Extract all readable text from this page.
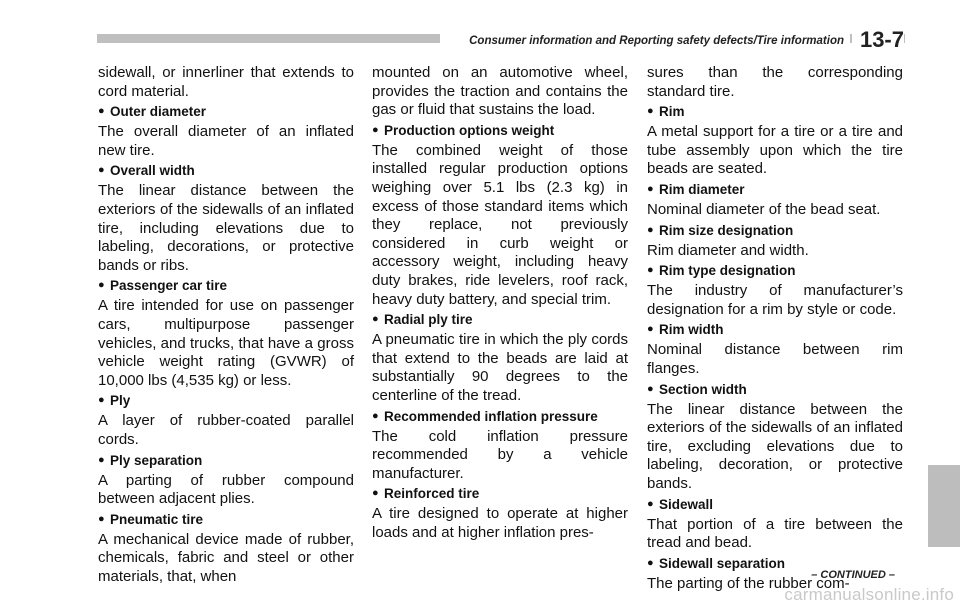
Consumer information and Reporting safety defects/Tire information 13-7
sidewall, or innerliner that extends to cord material.
● Outer diameter
The overall diameter of an inflated new tire.
● Overall width
The linear distance between the exteriors of the sidewalls of an inflated tire, including elevations due to labeling, decorations, or protective bands or ribs.
● Passenger car tire
A tire intended for use on passenger cars, multipurpose passenger vehicles, and trucks, that have a gross vehicle weight rating (GVWR) of 10,000 lbs (4,535 kg) or less.
● Ply
A layer of rubber-coated parallel cords.
● Ply separation
A parting of rubber compound between adjacent plies.
● Pneumatic tire
A mechanical device made of rubber, chemicals, fabric and steel or other materials, that, when
mounted on an automotive wheel, provides the traction and contains the gas or fluid that sustains the load.
● Production options weight
The combined weight of those installed regular production options weighing over 5.1 lbs (2.3 kg) in excess of those standard items which they replace, not previously considered in curb weight or accessory weight, including heavy duty brakes, ride levelers, roof rack, heavy duty battery, and special trim.
● Radial ply tire
A pneumatic tire in which the ply cords that extend to the beads are laid at substantially 90 degrees to the centerline of the tread.
● Recommended inflation pressure
The cold inflation pressure recommended by a vehicle manufacturer.
● Reinforced tire
A tire designed to operate at higher loads and at higher inflation pres-
sures than the corresponding standard tire.
● Rim
A metal support for a tire or a tire and tube assembly upon which the tire beads are seated.
● Rim diameter
Nominal diameter of the bead seat.
● Rim size designation
Rim diameter and width.
● Rim type designation
The industry of manufacturer’s designation for a rim by style or code.
● Rim width
Nominal distance between rim flanges.
● Section width
The linear distance between the exteriors of the sidewalls of an inflated tire, excluding elevations due to labeling, decoration, or protective bands.
● Sidewall
That portion of a tire between the tread and bead.
● Sidewall separation
The parting of the rubber com-
– CONTINUED –
carmanualsonline.info
